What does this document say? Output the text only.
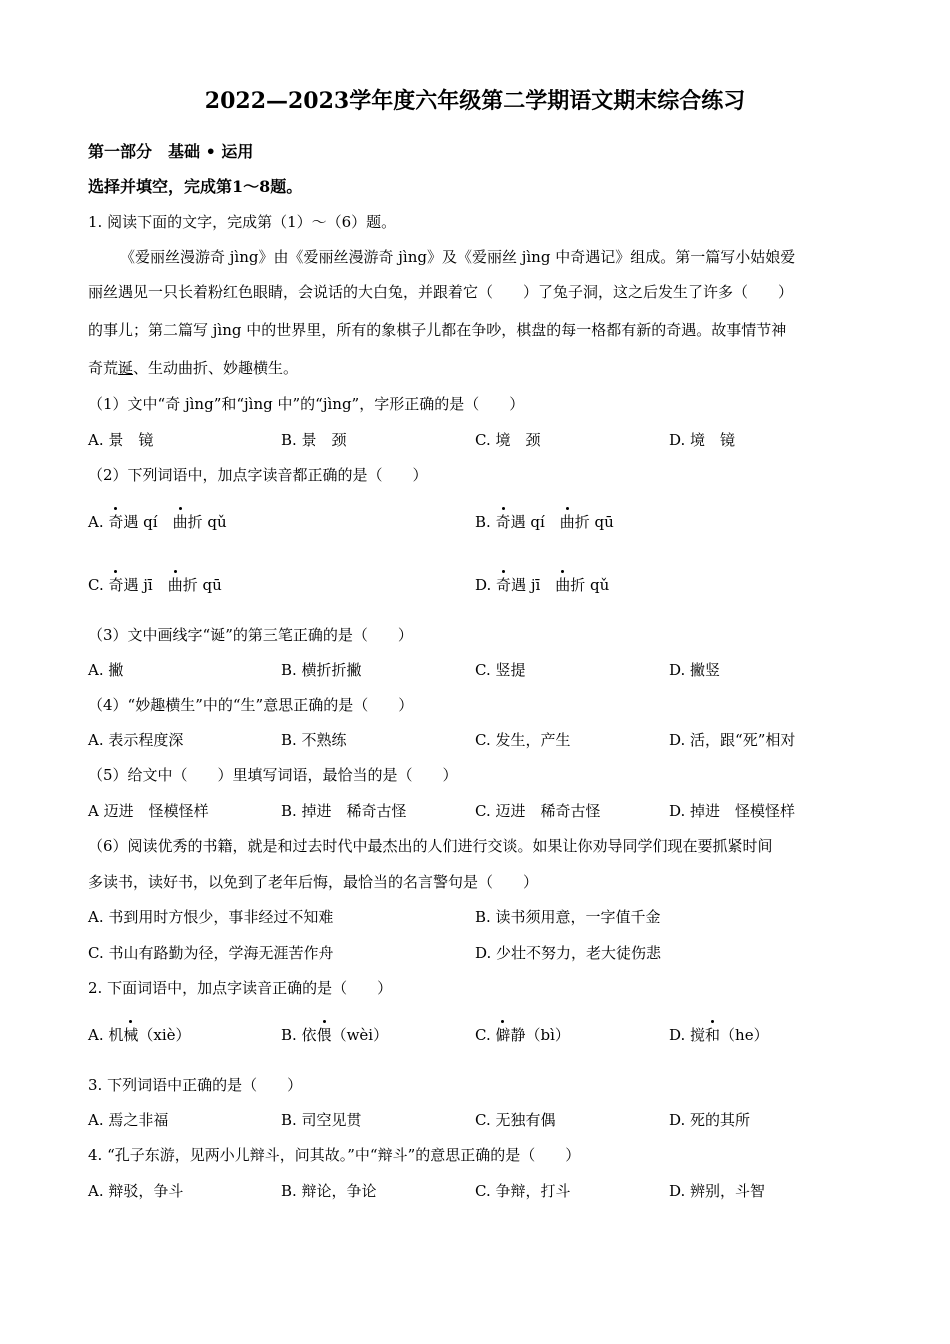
2022—2023学年度六年级第二学期语文期末综合练习
第一部分　基础 • 运用
选择并填空，完成第1～8题。
1. 阅读下面的文字，完成第（1）～（6）题。
《爱丽丝漫游奇 jìng》由《爱丽丝漫游奇 jìng》及《爱丽丝 jìng 中奇遇记》组成。第一篇写小姑娘爱
丽丝遇见一只长着粉红色眼睛，会说话的大白兔，并跟着它（　　）了兔子洞，这之后发生了许多（　　）
的事儿；第二篇写 jìng 中的世界里，所有的象棋子儿都在争吵，棋盘的每一格都有新的奇遇。故事情节神
奇荒诞、生动曲折、妙趣横生。
（1）文中“奇 jìng”和“jìng 中”的“jìng”，字形正确的是（　　）
A. 景　镜	B. 景　颈	C. 境　颈	D. 境　镜
（2）下列词语中，加点字读音都正确的是（　　）
A. 奇遇 qí　曲折 qǔ	B. 奇遇 qí　曲折 qū
C. 奇遇 jī　曲折 qū	D. 奇遇 jī　曲折 qǔ
（3）文中画线字“诞”的第三笔正确的是（　　）
A. 撇	B. 横折折撇	C. 竖提	D. 撇竖
（4）“妙趣横生”中的“生”意思正确的是（　　）
A. 表示程度深	B. 不熟练	C. 发生，产生	D. 活，跟“死”相对
（5）给文中（　　）里填写词语，最恰当的是（　　）
A 迈进　怪模怪样	B. 掉进　稀奇古怪	C. 迈进　稀奇古怪	D. 掉进　怪模怪样
（6）阅读优秀的书籍，就是和过去时代中最杰出的人们进行交谈。如果让你劝导同学们现在要抓紧时间
多读书，读好书，以免到了老年后悔，最恰当的名言警句是（　　）
A. 书到用时方恨少，事非经过不知难	B. 读书须用意，一字值千金
C. 书山有路勤为径，学海无涯苦作舟	D. 少壮不努力，老大徒伤悲
2. 下面词语中，加点字读音正确的是（　　）
A. 机械（xiè）	B. 依偎（wèi）	C. 僻静（bì）	D. 搅和（he）
3. 下列词语中正确的是（　　）
A. 焉之非福	B. 司空见贯	C. 无独有偶	D. 死的其所
4. “孔子东游，见两小儿辩斗，问其故。”中“辩斗”的意思正确的是（　　）
A. 辩驳，争斗	B. 辩论，争论	C. 争辩，打斗	D. 辨别，斗智
